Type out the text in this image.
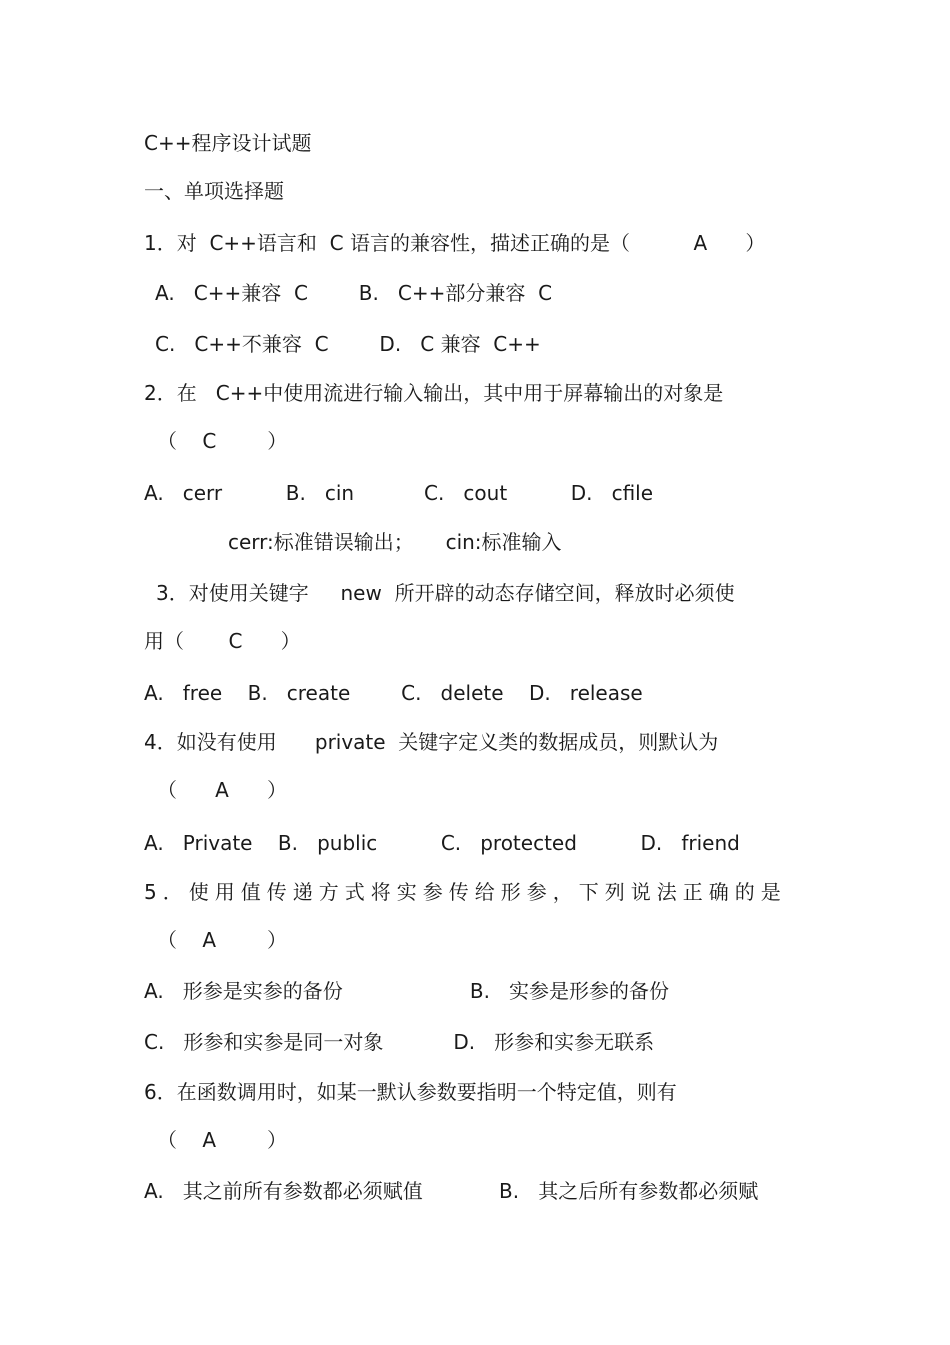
C++程序设计试题
一、单项选择题
1．对  C++语言和  C 语言的兼容性，描述正确的是（          A      ）
A.   C++兼容  C        B.   C++部分兼容  C
C.   C++不兼容  C        D.   C 兼容  C++
2．在   C++中使用流进行输入输出，其中用于屏幕输出的对象是
（    C        ）
A.   cerr          B.   cin           C.   cout          D.   cfile
cerr:标准错误输出；     cin:标准输入
3．对使用关键字     new  所开辟的动态存储空间，释放时必须使
用（       C      ）
A.   free    B.   create        C.   delete    D.   release
4．如没有使用      private  关键字定义类的数据成员，则默认为
（      A      ）
A.   Private    B.   public          C.   protected          D.   friend
5．使用值传递方式将实参传给形参，下列说法正确的是
（    A        ）
A.   形参是实参的备份                    B.   实参是形参的备份
C.   形参和实参是同一对象           D.   形参和实参无联系
6．在函数调用时，如某一默认参数要指明一个特定值，则有
（    A        ）
A.   其之前所有参数都必须赋值            B.   其之后所有参数都必须赋
